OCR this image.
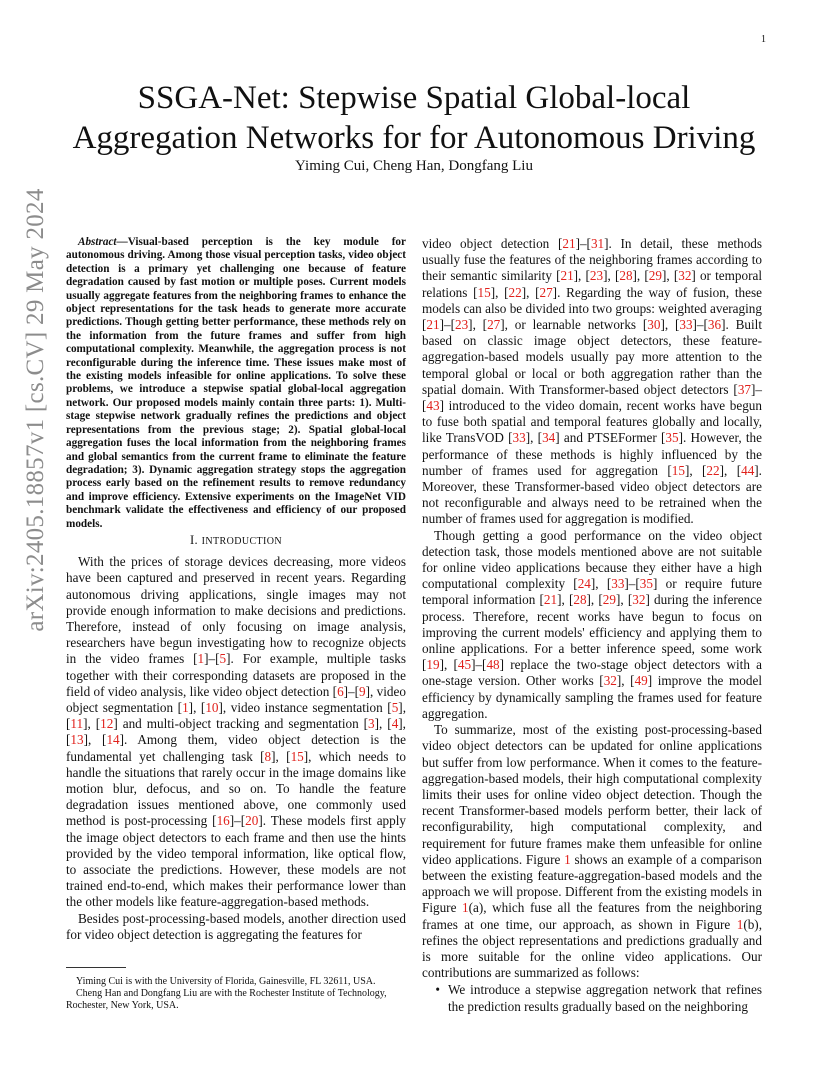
1
arXiv:2405.18857v1 [cs.CV] 29 May 2024
SSGA-Net: Stepwise Spatial Global-local Aggregation Networks for for Autonomous Driving
Yiming Cui, Cheng Han, Dongfang Liu

Abstract—Visual-based perception is the key module for autonomous driving. Among those visual perception tasks, video object detection is a primary yet challenging one because of feature degradation caused by fast motion or multiple poses. Current models usually aggregate features from the neighboring frames to enhance the object representations for the task heads to generate more accurate predictions. Though getting better performance, these methods rely on the information from the future frames and suffer from high computational complexity. Meanwhile, the aggregation process is not reconfigurable during the inference time. These issues make most of the existing models infeasible for online applications. To solve these problems, we introduce a stepwise spatial global-local aggregation network. Our proposed models mainly contain three parts: 1). Multi-stage stepwise network gradually refines the predictions and object representations from the previous stage; 2). Spatial global-local aggregation fuses the local information from the neighboring frames and global semantics from the current frame to eliminate the feature degradation; 3). Dynamic aggregation strategy stops the aggregation process early based on the refinement results to remove redundancy and improve efficiency. Extensive experiments on the ImageNet VID benchmark validate the effectiveness and efficiency of our proposed models.

I. INTRODUCTION

With the prices of storage devices decreasing, more videos have been captured and preserved in recent years. Regarding autonomous driving applications, single images may not provide enough information to make decisions and predictions. Therefore, instead of only focusing on image analysis, researchers have begun investigating how to recognize objects in the video frames [1]–[5]. For example, multiple tasks together with their corresponding datasets are proposed in the field of video analysis, like video object detection [6]–[9], video object segmentation [1], [10], video instance segmentation [5], [11], [12] and multi-object tracking and segmentation [3], [4], [13], [14]. Among them, video object detection is the fundamental yet challenging task [8], [15], which needs to handle the situations that rarely occur in the image domains like motion blur, defocus, and so on. To handle the feature degradation issues mentioned above, one commonly used method is post-processing [16]–[20]. These models first apply the image object detectors to each frame and then use the hints provided by the video temporal information, like optical flow, to associate the predictions. However, these models are not trained end-to-end, which makes their performance lower than the other models like feature-aggregation-based methods.

Besides post-processing-based models, another direction used for video object detection is aggregating the features for

Yiming Cui is with the University of Florida, Gainesville, FL 32611, USA.

Cheng Han and Dongfang Liu are with the Rochester Institute of Technology, Rochester, New York, USA.

video object detection [21]–[31]. In detail, these methods usually fuse the features of the neighboring frames according to their semantic similarity [21], [23], [28], [29], [32] or temporal relations [15], [22], [27]. Regarding the way of fusion, these models can also be divided into two groups: weighted averaging [21]–[23], [27], or learnable networks [30], [33]–[36]. Built based on classic image object detectors, these feature-aggregation-based models usually pay more attention to the temporal global or local or both aggregation rather than the spatial domain. With Transformer-based object detectors [37]–[43] introduced to the video domain, recent works have begun to fuse both spatial and temporal features globally and locally, like TransVOD [33], [34] and PTSEFormer [35]. However, the performance of these methods is highly influenced by the number of frames used for aggregation [15], [22], [44]. Moreover, these Transformer-based video object detectors are not reconfigurable and always need to be retrained when the number of frames used for aggregation is modified.

Though getting a good performance on the video object detection task, those models mentioned above are not suitable for online video applications because they either have a high computational complexity [24], [33]–[35] or require future temporal information [21], [28], [29], [32] during the inference process. Therefore, recent works have begun to focus on improving the current models' efficiency and applying them to online applications. For a better inference speed, some work [19], [45]–[48] replace the two-stage object detectors with a one-stage version. Other works [32], [49] improve the model efficiency by dynamically sampling the frames used for feature aggregation.

To summarize, most of the existing post-processing-based video object detectors can be updated for online applications but suffer from low performance. When it comes to the feature-aggregation-based models, their high computational complexity limits their uses for online video object detection. Though the recent Transformer-based models perform better, their lack of reconfigurability, high computational complexity, and requirement for future frames make them unfeasible for online video applications. Figure 1 shows an example of a comparison between the existing feature-aggregation-based models and the approach we will propose. Different from the existing models in Figure 1(a), which fuse all the features from the neighboring frames at one time, our approach, as shown in Figure 1(b), refines the object representations and predictions gradually and is more suitable for the online video applications. Our contributions are summarized as follows:

• We introduce a stepwise aggregation network that refines the prediction results gradually based on the neighboring
